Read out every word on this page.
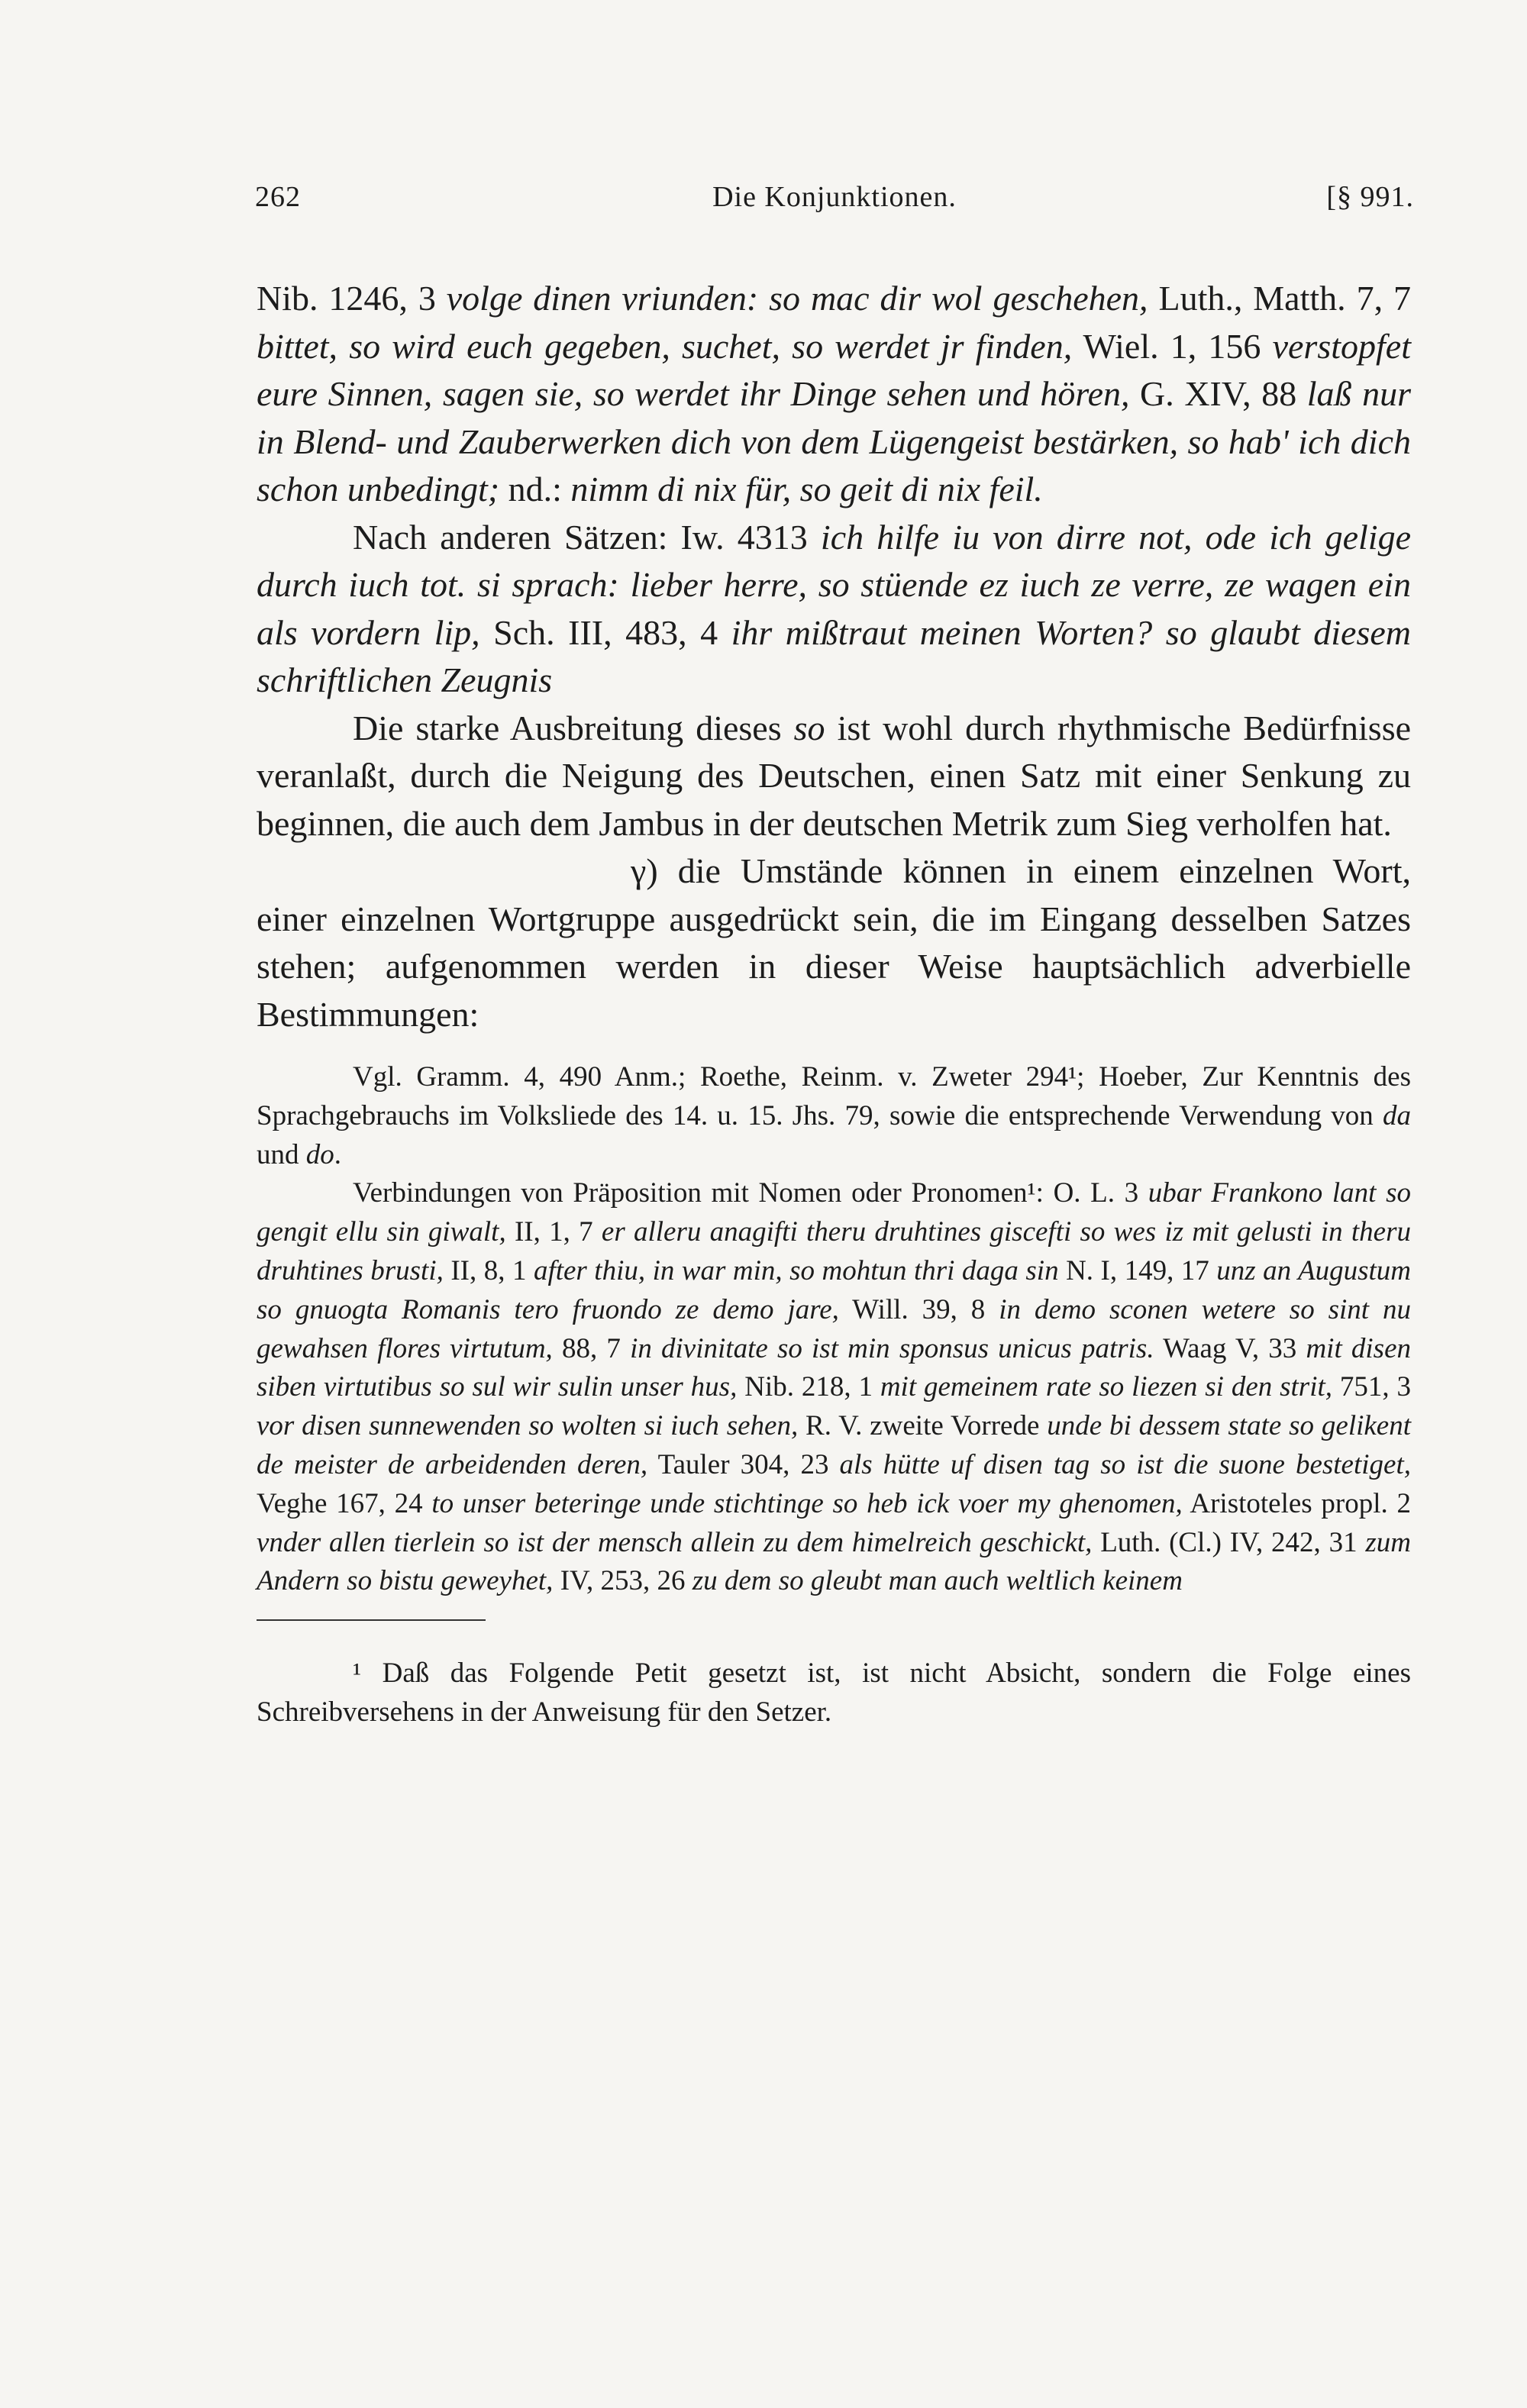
262	Die Konjunktionen.	[§ 991.

Nib. 1246, 3 volge dinen vriunden: so mac dir wol geschehen, Luth., Matth. 7, 7 bittet, so wird euch gegeben, suchet, so werdet jr finden, Wiel. 1, 156 verstopfet eure Sinnen, sagen sie, so werdet ihr Dinge sehen und hören, G. XIV, 88 laß nur in Blend- und Zauberwerken dich von dem Lügengeist bestärken, so hab' ich dich schon unbedingt; nd.: nimm di nix für, so geit di nix feil.

Nach anderen Sätzen: Iw. 4313 ich hilfe iu von dirre not, ode ich gelige durch iuch tot. si sprach: lieber herre, so stüende ez iuch ze verre, ze wagen ein als vordern lip, Sch. III, 483, 4 ihr mißtraut meinen Worten? so glaubt diesem schriftlichen Zeugnis

Die starke Ausbreitung dieses so ist wohl durch rhythmische Bedürfnisse veranlaßt, durch die Neigung des Deutschen, einen Satz mit einer Senkung zu beginnen, die auch dem Jambus in der deutschen Metrik zum Sieg verholfen hat.

γ) die Umstände können in einem einzelnen Wort, einer einzelnen Wortgruppe ausgedrückt sein, die im Eingang desselben Satzes stehen; aufgenommen werden in dieser Weise hauptsächlich adverbielle Bestimmungen:

Vgl. Gramm. 4, 490 Anm.; Roethe, Reinm. v. Zweter 294¹; Hoeber, Zur Kenntnis des Sprachgebrauchs im Volksliede des 14. u. 15. Jhs. 79, sowie die entsprechende Verwendung von da und do.

Verbindungen von Präposition mit Nomen oder Pronomen¹: O. L. 3 ubar Frankono lant so gengit ellu sin giwalt, II, 1, 7 er alleru anagifti theru druhtines giscefti so wes iz mit gelusti in theru druhtines brusti, II, 8, 1 after thiu, in war min, so mohtun thri daga sin N. I, 149, 17 unz an Augustum so gnuogta Romanis tero fruondo ze demo jare, Will. 39, 8 in demo sconen wetere so sint nu gewahsen flores virtutum, 88, 7 in divinitate so ist min sponsus unicus patris. Waag V, 33 mit disen siben virtutibus so sul wir sulin unser hus, Nib. 218, 1 mit gemeinem rate so liezen si den strit, 751, 3 vor disen sunnewenden so wolten si iuch sehen, R. V. zweite Vorrede unde bi dessem state so gelikent de meister de arbeidenden deren, Tauler 304, 23 als hütte uf disen tag so ist die suone bestetiget, Veghe 167, 24 to unser beteringe unde stichtinge so heb ick voer my ghenomen, Aristoteles propl. 2 vnder allen tierlein so ist der mensch allein zu dem himelreich geschickt, Luth. (Cl.) IV, 242, 31 zum Andern so bistu geweyhet, IV, 253, 26 zu dem so gleubt man auch weltlich keinem

¹ Daß das Folgende Petit gesetzt ist, ist nicht Absicht, sondern die Folge eines Schreibversehens in der Anweisung für den Setzer.
